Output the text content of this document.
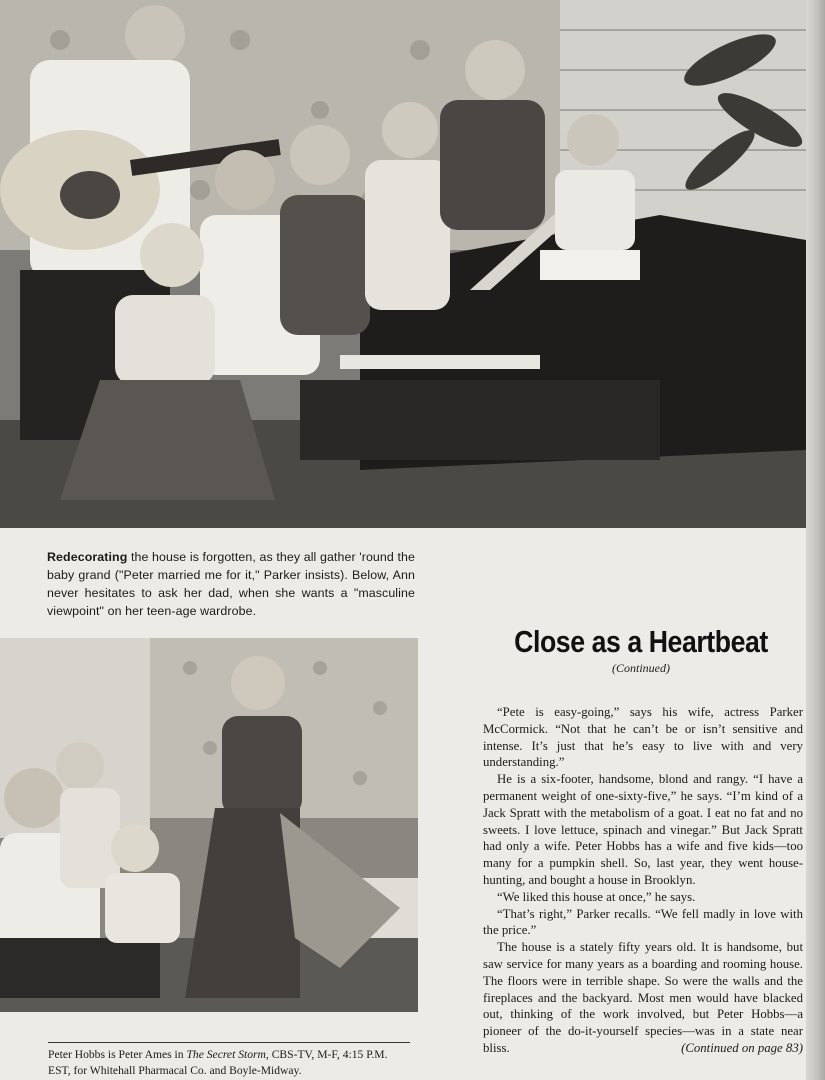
Redecorating the house is forgotten, as they all gather 'round the baby grand ("Peter married me for it," Parker insists). Below, Ann never hesitates to ask her dad, when she wants a "masculine viewpoint" on her teen-age wardrobe.
Peter Hobbs is Peter Ames in The Secret Storm, CBS-TV, M-F, 4:15 P.M. EST, for Whitehall Pharmacal Co. and Boyle-Midway.
Close as a Heartbeat
(Continued)

“Pete is easy-going,” says his wife, actress Parker McCormick. “Not that he can’t be or isn’t sensitive and intense. It’s just that he’s easy to live with and very understanding.”

He is a six-footer, handsome, blond and rangy. “I have a permanent weight of one-sixty-five,” he says. “I’m kind of a Jack Spratt with the metabolism of a goat. I eat no fat and no sweets. I love lettuce, spinach and vinegar.” But Jack Spratt had only a wife. Peter Hobbs has a wife and five kids—too many for a pumpkin shell. So, last year, they went house-hunting, and bought a house in Brooklyn.

“We liked this house at once,” he says.

“That’s right,” Parker recalls. “We fell madly in love with the price.”

The house is a stately fifty years old. It is handsome, but saw service for many years as a boarding and rooming house. The floors were in terrible shape. So were the walls and the fireplaces and the backyard. Most men would have blacked out, thinking of the work involved, but Peter Hobbs—a pioneer of the do-it-yourself species—was in a state near bliss.	(Continued on page 83)
